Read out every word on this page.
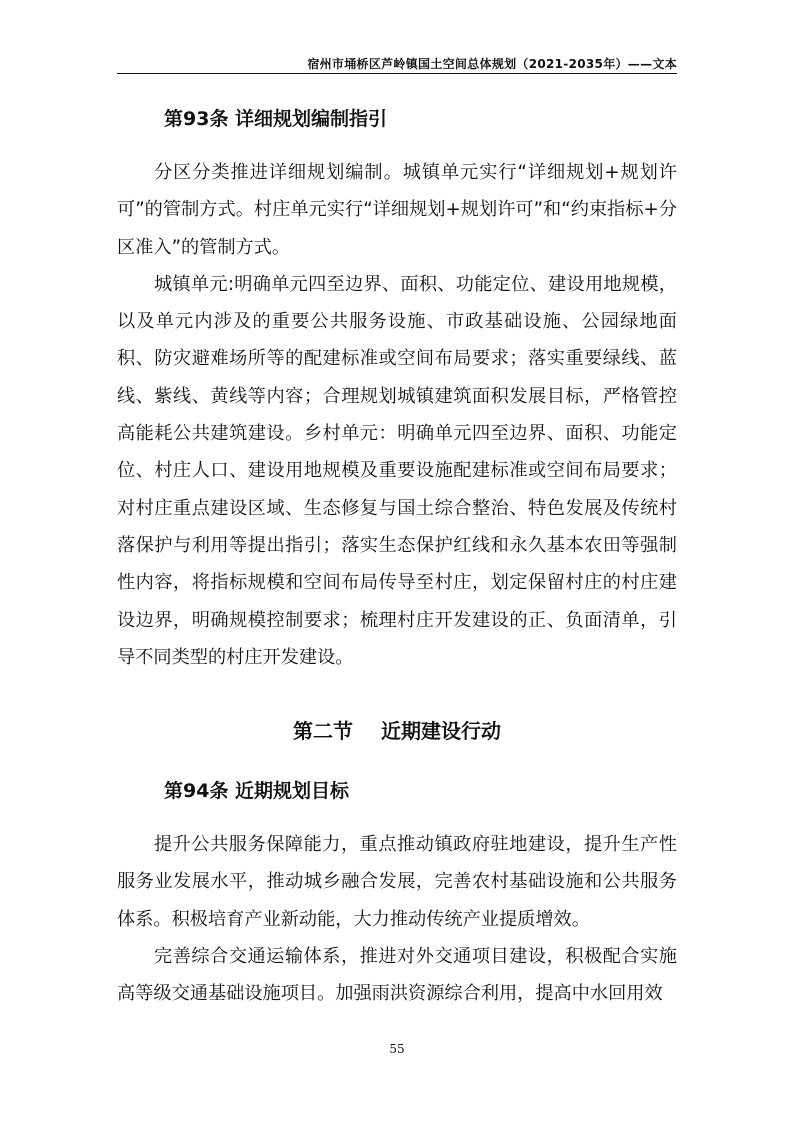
宿州市埇桥区芦岭镇国土空间总体规划（2021-2035年）——文本
第93条 详细规划编制指引

分区分类推进详细规划编制。城镇单元实行“详细规划+规划许可”的管制方式。村庄单元实行“详细规划+规划许可”和“约束指标+分区准入”的管制方式。

城镇单元:明确单元四至边界、面积、功能定位、建设用地规模，以及单元内涉及的重要公共服务设施、市政基础设施、公园绿地面积、防灾避难场所等的配建标准或空间布局要求；落实重要绿线、蓝线、紫线、黄线等内容；合理规划城镇建筑面积发展目标，严格管控高能耗公共建筑建设。乡村单元：明确单元四至边界、面积、功能定位、村庄人口、建设用地规模及重要设施配建标准或空间布局要求；对村庄重点建设区域、生态修复与国土综合整治、特色发展及传统村落保护与利用等提出指引；落实生态保护红线和永久基本农田等强制性内容，将指标规模和空间布局传导至村庄，划定保留村庄的村庄建设边界，明确规模控制要求；梳理村庄开发建设的正、负面清单，引导不同类型的村庄开发建设。

第二节 近期建设行动
第94条 近期规划目标

提升公共服务保障能力，重点推动镇政府驻地建设，提升生产性服务业发展水平，推动城乡融合发展，完善农村基础设施和公共服务体系。积极培育产业新动能，大力推动传统产业提质增效。

完善综合交通运输体系，推进对外交通项目建设，积极配合实施高等级交通基础设施项目。加强雨洪资源综合利用，提高中水回用效

55
